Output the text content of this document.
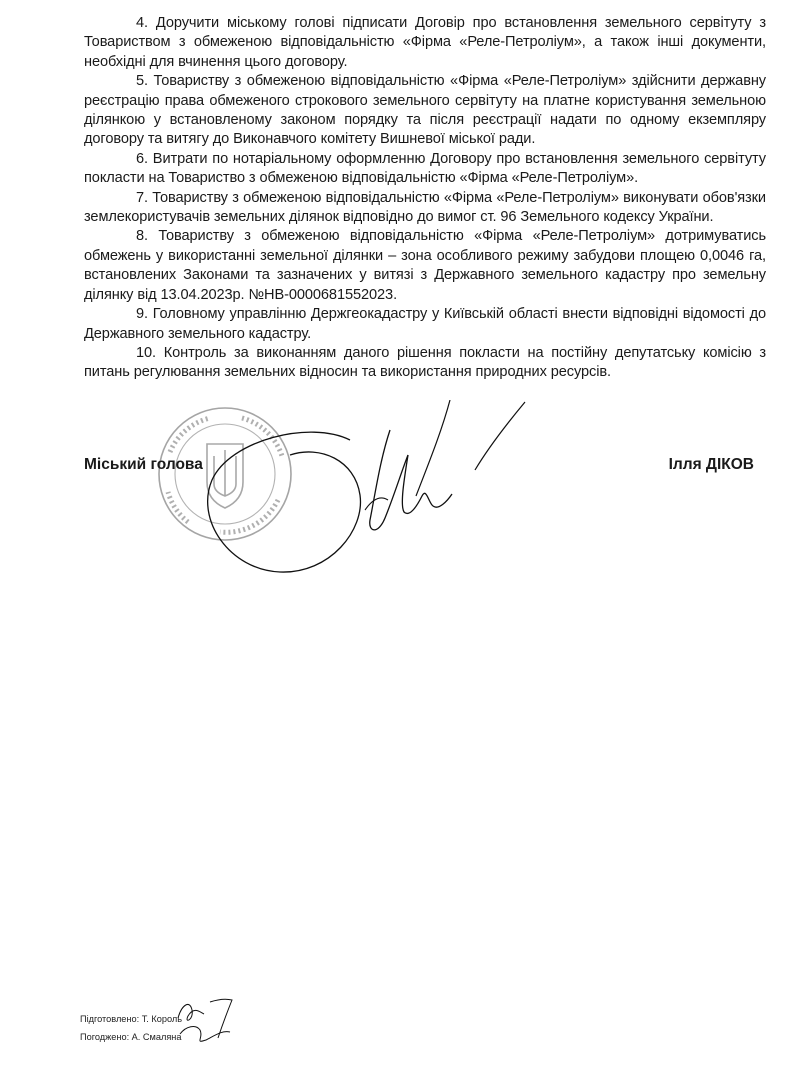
4. Доручити міському голові підписати Договір про встановлення земельного сервітуту з Товариством з обмеженою відповідальністю «Фірма «Реле-Петроліум», а також інші документи, необхідні для вчинення цього договору.

5. Товариству з обмеженою відповідальністю «Фірма «Реле-Петроліум» здійснити державну реєстрацію права обмеженого строкового земельного сервітуту на платне користування земельною ділянкою у встановленому законом порядку та після реєстрації надати по одному екземпляру договору та витягу до Виконавчого комітету Вишневої міської ради.

6. Витрати по нотаріальному оформленню Договору про встановлення земельного сервітуту покласти на Товариство з обмеженою відповідальністю «Фірма «Реле-Петроліум».

7. Товариству з обмеженою відповідальністю «Фірма «Реле-Петроліум» виконувати обов'язки землекористувачів земельних ділянок відповідно до вимог ст. 96 Земельного кодексу України.

8. Товариству з обмеженою відповідальністю «Фірма «Реле-Петроліум» дотримуватись обмежень у використанні земельної ділянки – зона особливого режиму забудови площею 0,0046 га, встановлених Законами та зазначених у витязі з Державного земельного кадастру про земельну ділянку від 13.04.2023р. №НВ-0000681552023.

9. Головному управлінню Держгеокадастру у Київській області внести відповідні відомості до Державного земельного кадастру.

10. Контроль за виконанням даного рішення покласти на постійну депутатську комісію з питань регулювання земельних відносин та використання природних ресурсів.

Міський голова	Ілля ДІКОВ
Підготовлено: Т. Король
Погоджено: А. Смаляна
